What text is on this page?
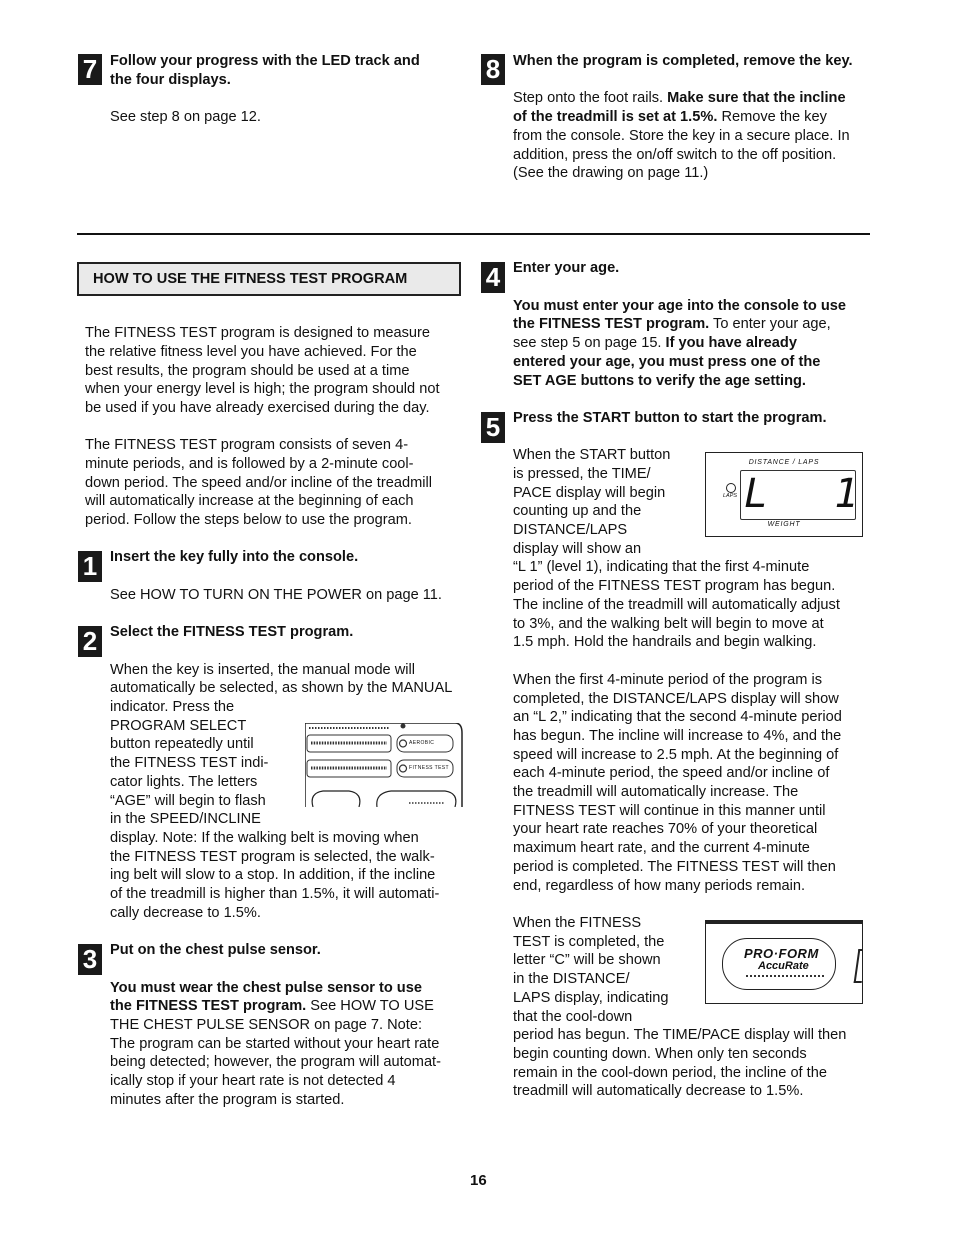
7 Follow your progress with the LED track and
the four displays.
See step 8 on page 12.
8 When the program is completed, remove the key.
Step onto the foot rails. Make sure that the incline
of the treadmill is set at 1.5%. Remove the key
from the console. Store the key in a secure place. In
addition, press the on/off switch to the off position.
(See the drawing on page 11.)
HOW TO USE THE FITNESS TEST PROGRAM
The FITNESS TEST program is designed to measure
the relative fitness level you have achieved. For the
best results, the program should be used at a time
when your energy level is high; the program should not
be used if you have already exercised during the day.
The FITNESS TEST program consists of seven 4-
minute periods, and is followed by a 2-minute cool-
down period. The speed and/or incline of the treadmill
will automatically increase at the beginning of each
period. Follow the steps below to use the program.
1 Insert the key fully into the console.
See HOW TO TURN ON THE POWER on page 11.
2 Select the FITNESS TEST program.
When the key is inserted, the manual mode will
automatically be selected, as shown by the MANUAL
indicator. Press the
PROGRAM SELECT
button repeatedly until
the FITNESS TEST indi-
cator lights. The letters
“AGE” will begin to flash
in the SPEED/INCLINE
display. Note: If the walking belt is moving when
the FITNESS TEST program is selected, the walk-
ing belt will slow to a stop. In addition, if the incline
of the treadmill is higher than 1.5%, it will automati-
cally decrease to 1.5%.
AEROBIC
FITNESS TEST
3 Put on the chest pulse sensor.
You must wear the chest pulse sensor to use
the FITNESS TEST program. See HOW TO USE
THE CHEST PULSE SENSOR on page 7. Note:
The program can be started without your heart rate
being detected; however, the program will automat-
ically stop if your heart rate is not detected 4
minutes after the program is started.
4 Enter your age.
You must enter your age into the console to use
the FITNESS TEST program. To enter your age,
see step 5 on page 15. If you have already
entered your age, you must press one of the
SET AGE buttons to verify the age setting.
5 Press the START button to start the program.
When the START button
is pressed, the TIME/
PACE display will begin
counting up and the
DISTANCE/LAPS
display will show an
“L 1” (level 1), indicating that the first 4-minute
period of the FITNESS TEST program has begun.
The incline of the treadmill will automatically adjust
to 3%, and the walking belt will begin to move at
1.5 mph. Hold the handrails and begin walking.
DISTANCE / LAPS
LAPS L  1
WEIGHT
When the first 4-minute period of the program is
completed, the DISTANCE/LAPS display will show
an “L 2,” indicating that the second 4-minute period
has begun. The incline will increase to 4%, and the
speed will increase to 2.5 mph. At the beginning of
each 4-minute period, the speed and/or incline of
the treadmill will automatically increase. The
FITNESS TEST will continue in this manner until
your heart rate reaches 70% of your theoretical
maximum heart rate, and the current 4-minute
period is completed. The FITNESS TEST will then
end, regardless of how many periods remain.
When the FITNESS
TEST is completed, the
letter “C” will be shown
in the DISTANCE/
LAPS display, indicating
that the cool-down
period has begun. The TIME/PACE display will then
begin counting down. When only ten seconds
remain in the cool-down period, the incline of the
treadmill will automatically decrease to 1.5%.
PRO·FORM
AccuRate
16
